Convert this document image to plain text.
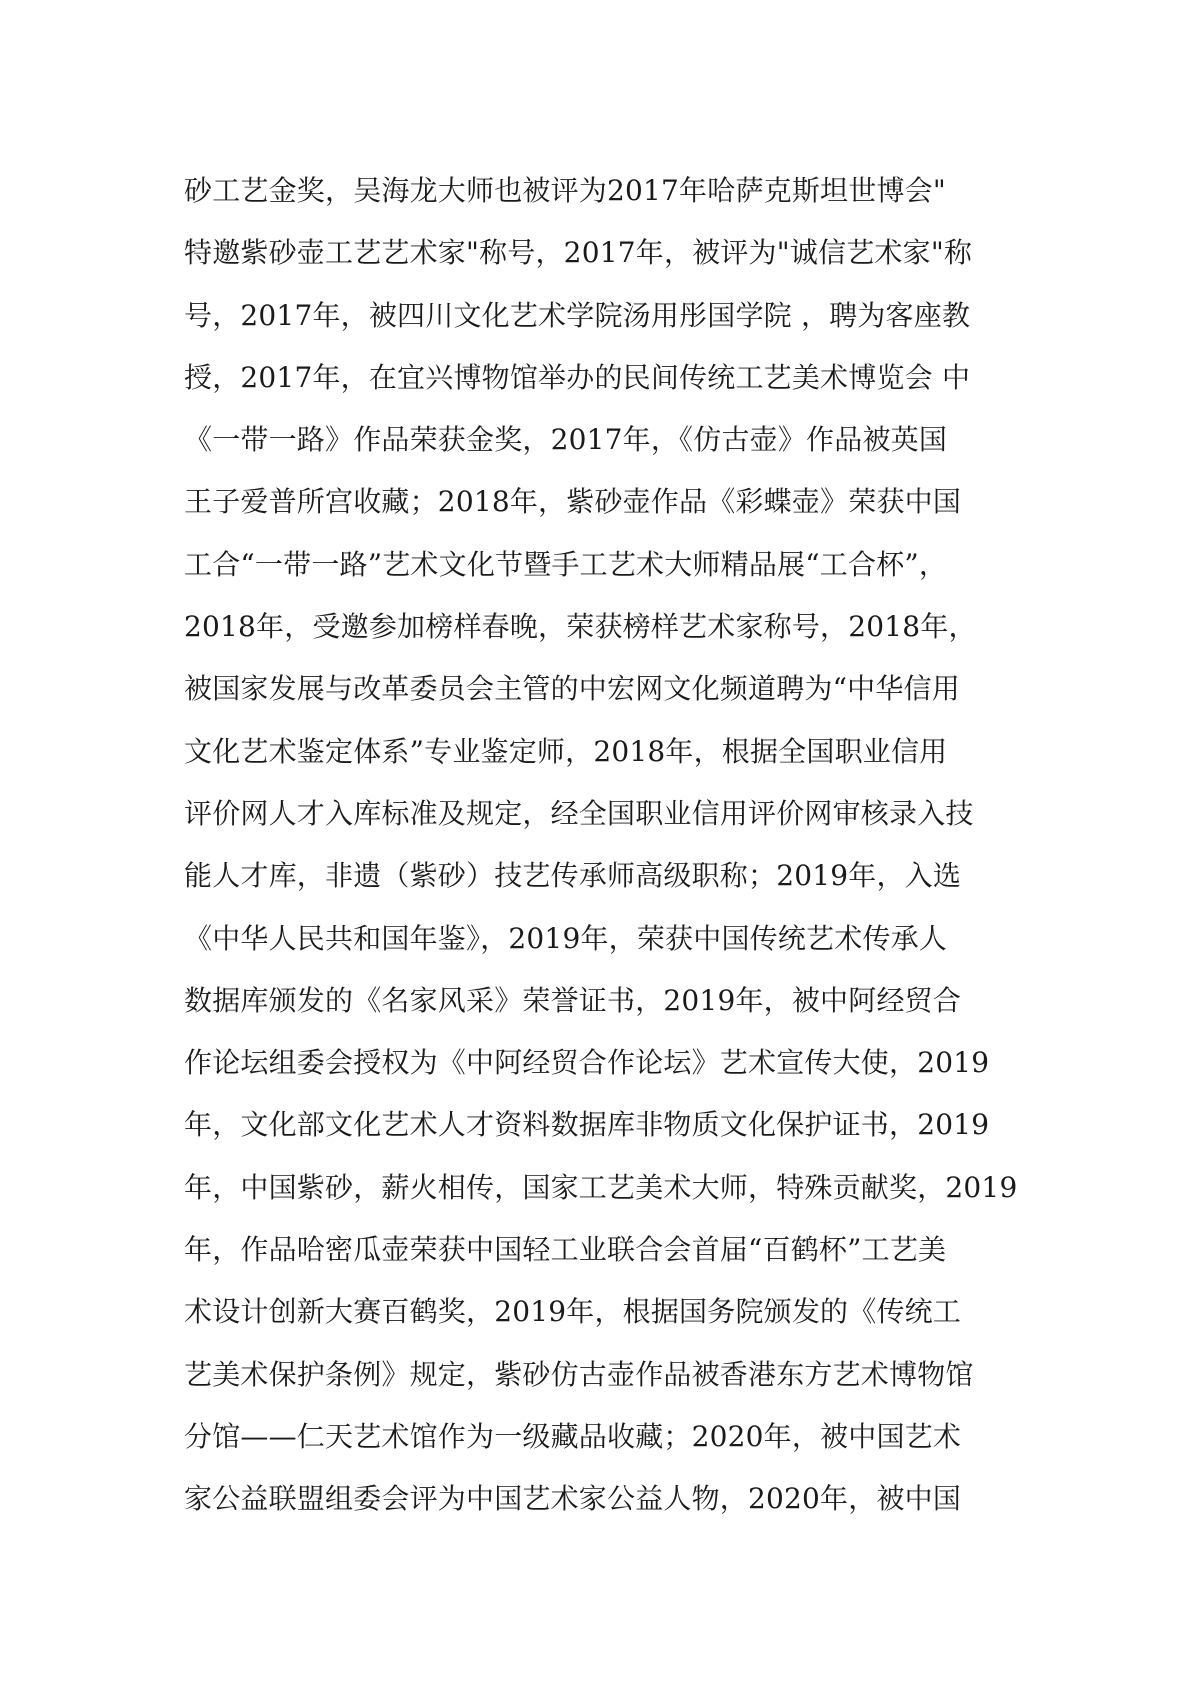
砂工艺金奖，吴海龙大师也被评为2017年哈萨克斯坦世博会"
特邀紫砂壶工艺艺术家"称号，2017年，被评为"诚信艺术家"称
号，2017年，被四川文化艺术学院汤用彤国学院 ，聘为客座教
授，2017年，在宜兴博物馆举办的民间传统工艺美术博览会 中
《一带一路》作品荣获金奖，2017年，《仿古壶》作品被英国
王子爱普所宫收藏；2018年，紫砂壶作品《彩蝶壶》荣获中国
工合“一带一路”艺术文化节暨手工艺术大师精品展“工合杯”，
2018年，受邀参加榜样春晚，荣获榜样艺术家称号，2018年，
被国家发展与改革委员会主管的中宏网文化频道聘为“中华信用
文化艺术鉴定体系”专业鉴定师，2018年，根据全国职业信用
评价网人才入库标准及规定，经全国职业信用评价网审核录入技
能人才库，非遗（紫砂）技艺传承师高级职称；2019年，入选
《中华人民共和国年鉴》，2019年，荣获中国传统艺术传承人
数据库颁发的《名家风采》荣誉证书，2019年，被中阿经贸合
作论坛组委会授权为《中阿经贸合作论坛》艺术宣传大使，2019
年，文化部文化艺术人才资料数据库非物质文化保护证书，2019
年，中国紫砂，薪火相传，国家工艺美术大师，特殊贡献奖，2019
年，作品哈密瓜壶荣获中国轻工业联合会首届“百鹤杯”工艺美
术设计创新大赛百鹤奖，2019年，根据国务院颁发的《传统工
艺美术保护条例》规定，紫砂仿古壶作品被香港东方艺术博物馆
分馆——仁天艺术馆作为一级藏品收藏；2020年，被中国艺术
家公益联盟组委会评为中国艺术家公益人物，2020年，被中国
